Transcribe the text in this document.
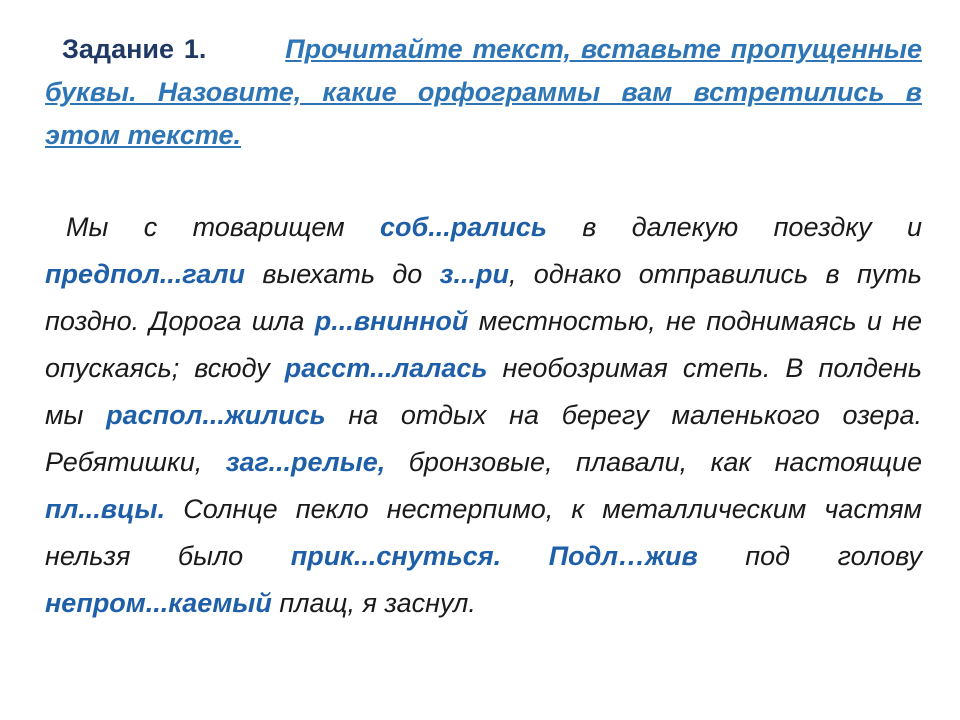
Задание 1.	Прочитайте текст, вставьте пропущенные буквы. Назовите, какие орфограммы вам встретились в этом тексте.

Мы с товарищем соб...рались в далекую поездку и предпол...гали выехать до з...ри, однако отправились в путь поздно. Дорога шла р...внинной местностью, не поднимаясь и не опускаясь; всюду расст...лалась необозримая степь. В полдень мы распол...жились на отдых на берегу маленького озера. Ребятишки, заг...релые, бронзовые, плавали, как настоящие пл...вцы. Солнце пекло нестерпимо, к металлическим частям нельзя было прик...снуться. Подл…жив под голову непром...каемый плащ, я заснул.
